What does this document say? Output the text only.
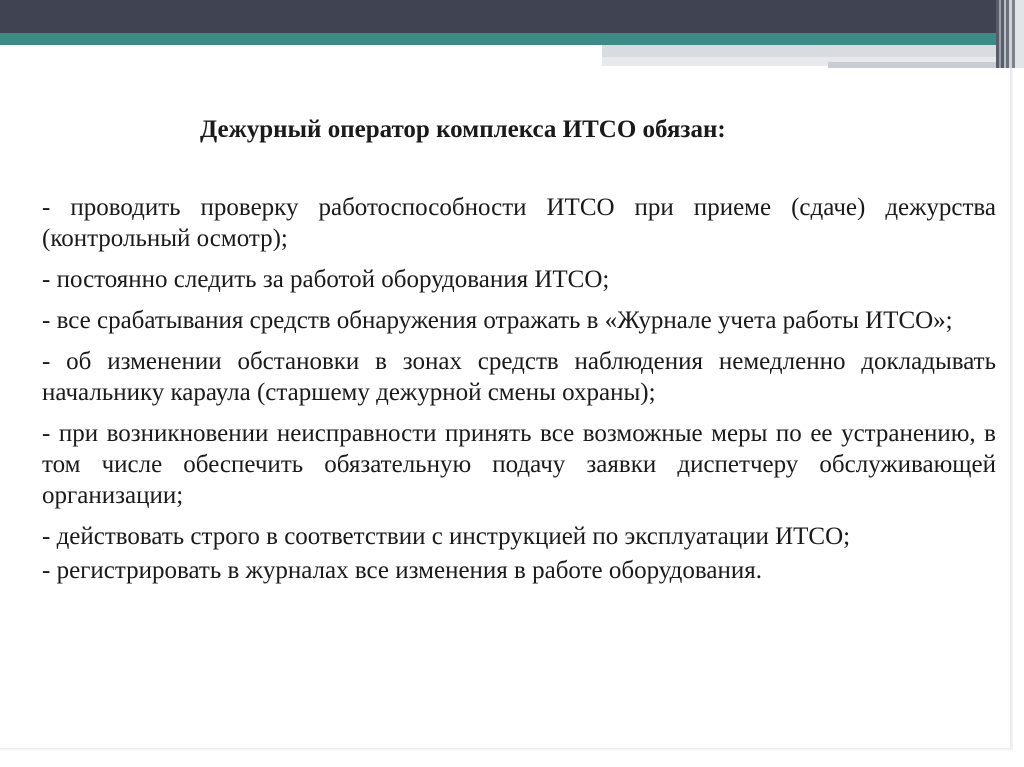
Дежурный оператор комплекса ИТСО обязан:

- проводить проверку работоспособности ИТСО при приеме (сдаче) дежурства (контрольный осмотр);

- постоянно следить за работой оборудования ИТСО;

- все срабатывания средств обнаружения отражать в «Журнале учета работы ИТСО»;

- об изменении обстановки в зонах средств наблюдения немедленно докладывать начальнику караула (старшему дежурной смены охраны);

- при возникновении неисправности принять все возможные меры по ее устранению, в том числе обеспечить обязательную подачу заявки диспетчеру обслуживающей организации;

- действовать строго в соответствии с инструкцией по эксплуатации ИТСО;

- регистрировать в журналах все изменения в работе оборудования.
